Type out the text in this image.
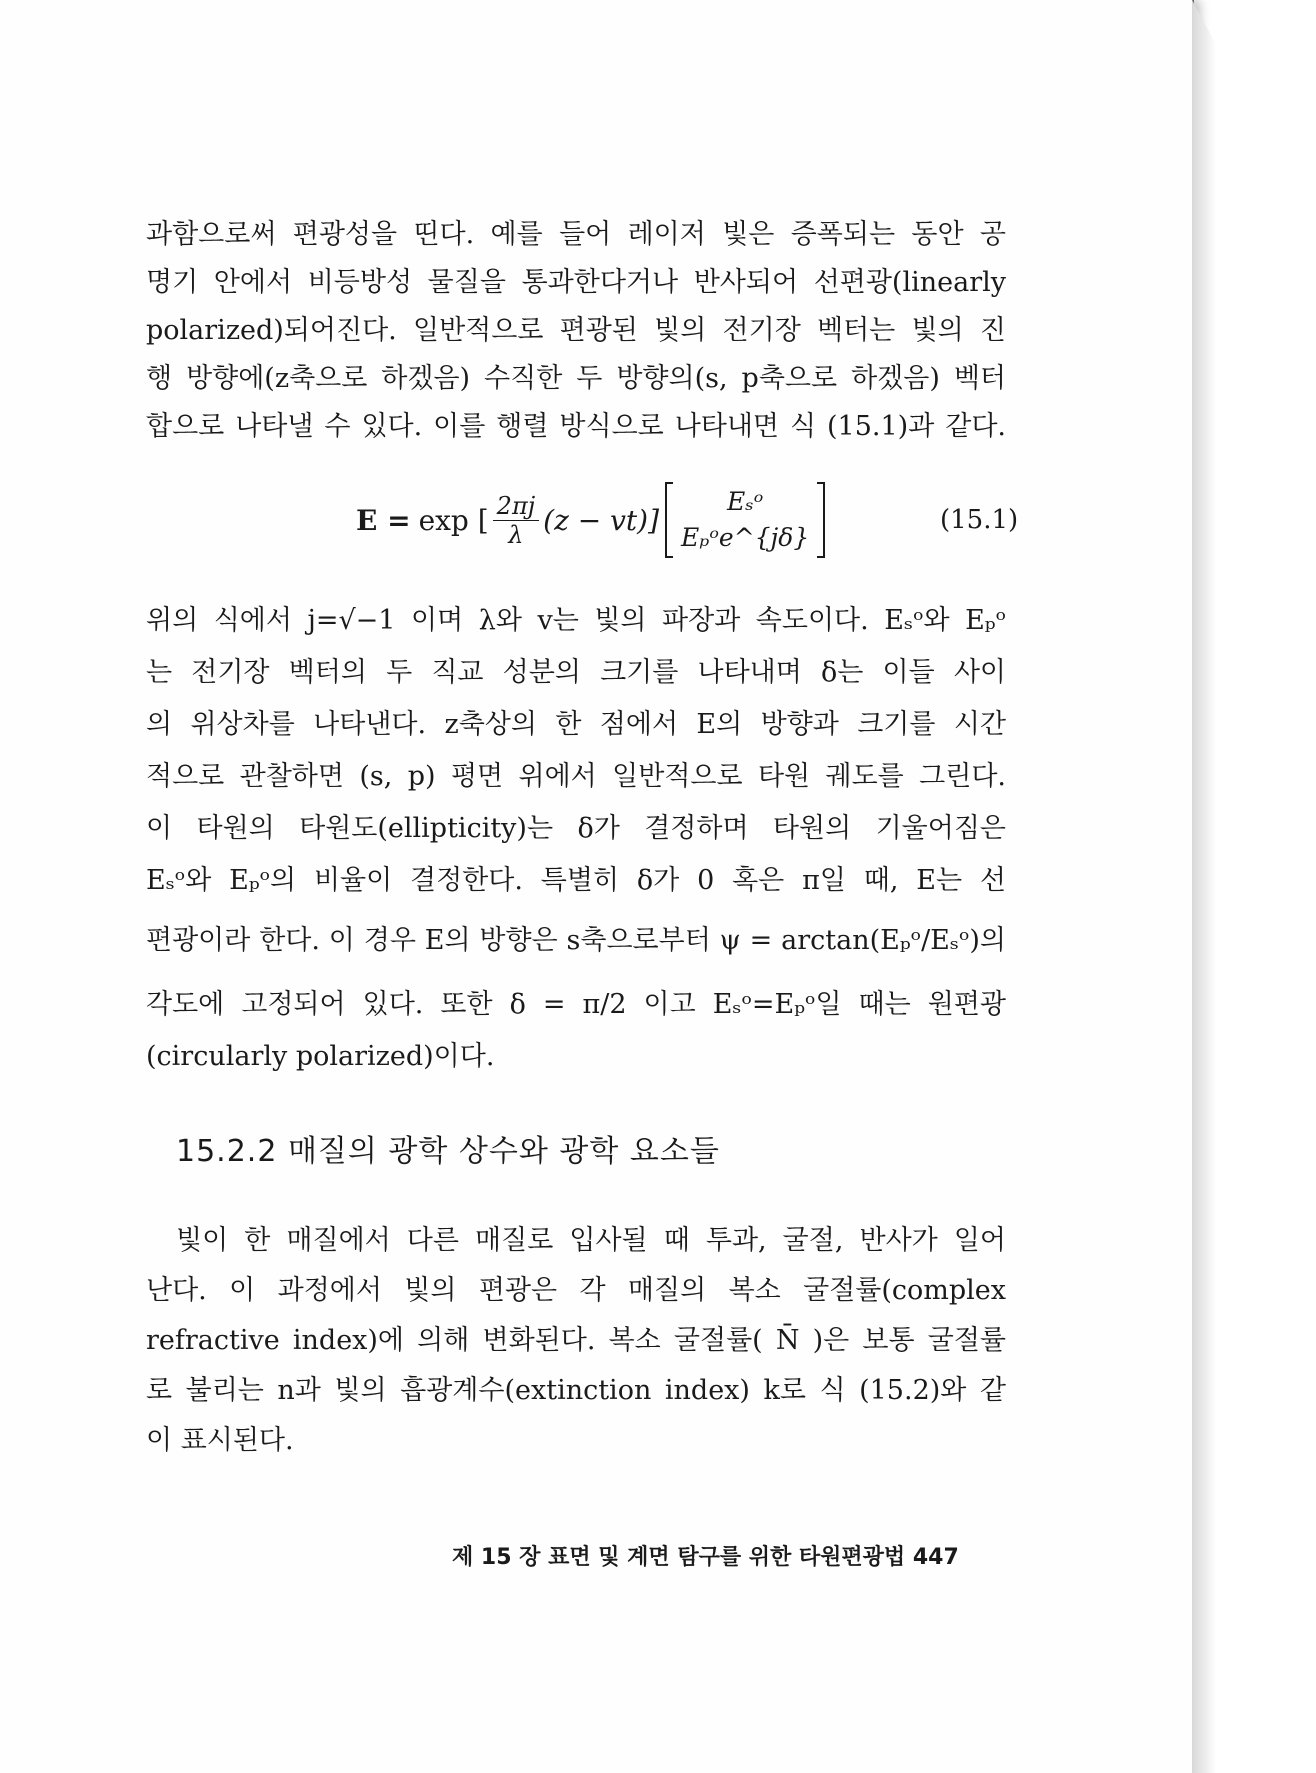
과함으로써 편광성을 띤다. 예를 들어 레이저 빛은 증폭되는 동안 공
명기 안에서 비등방성 물질을 통과한다거나 반사되어 선편광(linearly
polarized)되어진다. 일반적으로 편광된 빛의 전기장 벡터는 빛의 진
행 방향에(z축으로 하겠음) 수직한 두 방향의(s, p축으로 하겠음) 벡터
합으로 나타낼 수 있다. 이를 행렬 방식으로 나타내면 식 (15.1)과 같다.
E = exp [ $\frac{2\pi j}{\lambda} (z - vt)$]
Eₛᵒ
Eₚᵒe^{jδ}
(15.1)
위의 식에서 j=√−1 이며 λ와 v는 빛의 파장과 속도이다. Eₛᵒ와 Eₚᵒ
는 전기장 벡터의 두 직교 성분의 크기를 나타내며 δ는 이들 사이
의 위상차를 나타낸다. z축상의 한 점에서 E의 방향과 크기를 시간
적으로 관찰하면 (s, p) 평면 위에서 일반적으로 타원 궤도를 그린다.
이 타원의 타원도(ellipticity)는 δ가 결정하며 타원의 기울어짐은
Eₛᵒ와 Eₚᵒ의 비율이 결정한다. 특별히 δ가 0 혹은 π일 때, E는 선
편광이라 한다. 이 경우 E의 방향은 s축으로부터 ψ = arctan(Eₚᵒ/Eₛᵒ)의
각도에 고정되어 있다. 또한 δ = π/2 이고 Eₛᵒ=Eₚᵒ일 때는 원편광
(circularly polarized)이다.
15.2.2 매질의 광학 상수와 광학 요소들
빛이 한 매질에서 다른 매질로 입사될 때 투과, 굴절, 반사가 일어
난다. 이 과정에서 빛의 편광은 각 매질의 복소 굴절률(complex
refractive index)에 의해 변화된다. 복소 굴절률( N̄ )은 보통 굴절률
로 불리는 n과 빛의 흡광계수(extinction index) k로 식 (15.2)와 같
이 표시된다.
제 15 장 표면 및 계면 탐구를 위한 타원편광법 447
